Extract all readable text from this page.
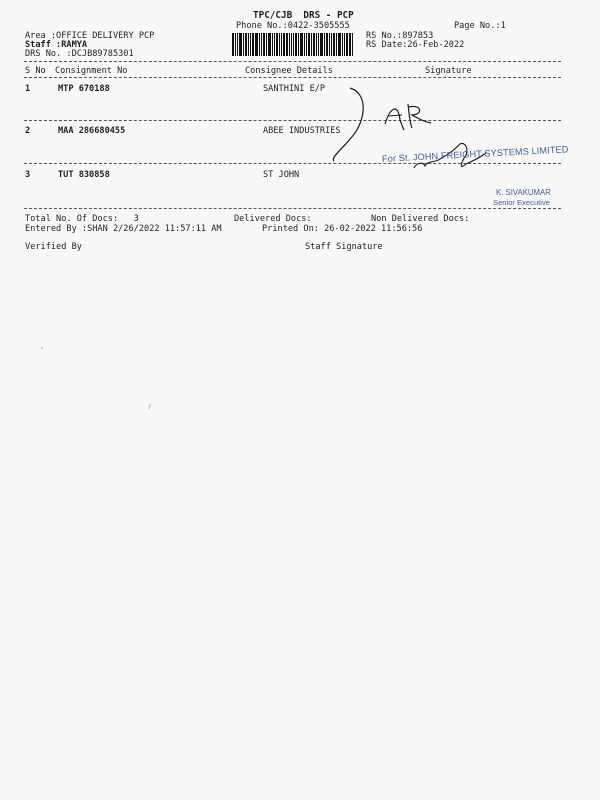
TPC/CJB  DRS - PCP
Phone No.:0422-3505555	Page No.:1
Area :OFFICE DELIVERY PCP
Staff :RAMYA
DRS No. :DCJB89785301
RS No.:897853
RS Date:26-Feb-2022
S No Consignment No	Consignee Details	Signature
1	MTP 670188	SANTHINI E/P
2	MAA 286680455	ABEE INDUSTRIES
3	TUT 830858	ST JOHN
Total No. Of Docs:   3	Delivered Docs:	Non Delivered Docs:
Entered By :SHAN 2/26/2022 11:57:11 AM	Printed On: 26-02-2022 11:56:56
Verified By	Staff Signature
For St. JOHN FREIGHT SYSTEMS LIMITED
K. SIVAKUMAR
Senior Executive
